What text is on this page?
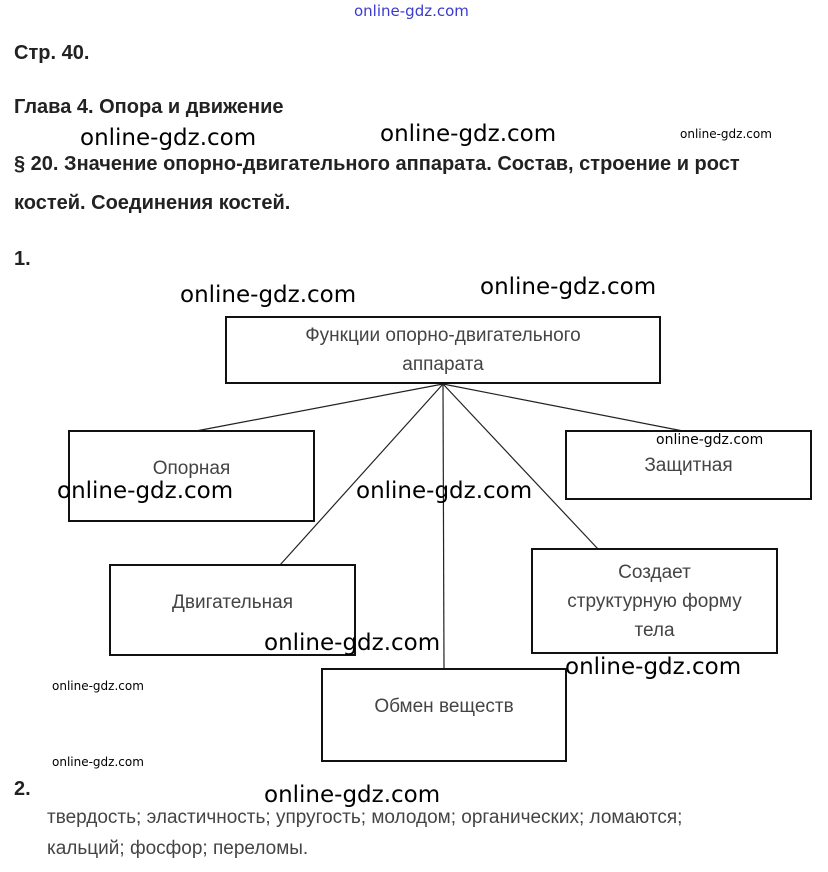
online-gdz.com
Стр. 40.
Глава 4. Опора и движение
§ 20. Значение опорно-двигательного аппарата. Состав, строение и рост
костей. Соединения костей.
1.
Функции опорно-двигательного
аппарата
Опорная	Защитная
Двигательная
Создает
структурную форму
тела
Обмен веществ
2.
твердость; эластичность; упругость; молодом; органических; ломаются;
кальций; фосфор; переломы.
online-gdz.com	online-gdz.com	online-gdz.com
online-gdz.com	online-gdz.com
online-gdz.com
online-gdz.com	online-gdz.com
online-gdz.com
online-gdz.com
online-gdz.com
online-gdz.com
online-gdz.com
